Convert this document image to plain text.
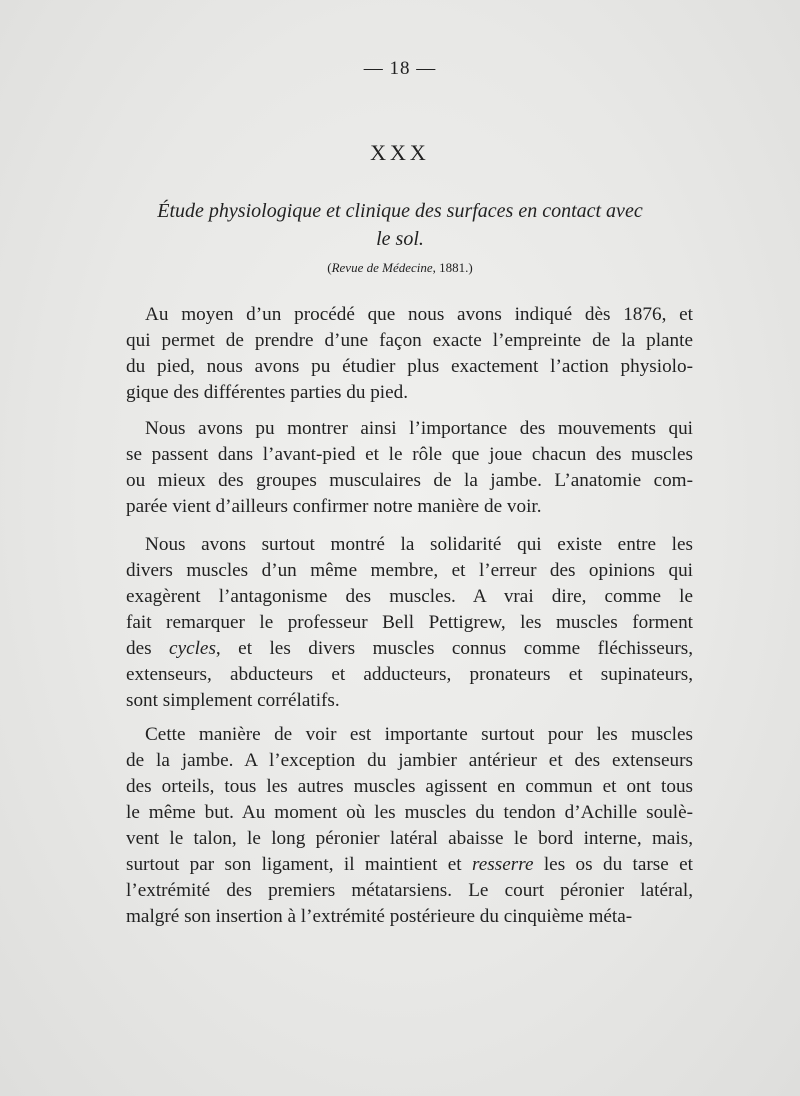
— 18 —
XXX
Étude physiologique et clinique des surfaces en contact avec
le sol.
(Revue de Médecine, 1881.)
Au moyen d’un procédé que nous avons indiqué dès 1876, et
qui permet de prendre d’une façon exacte l’empreinte de la plante
du pied, nous avons pu étudier plus exactement l’action physiolo-
gique des différentes parties du pied.
Nous avons pu montrer ainsi l’importance des mouvements qui
se passent dans l’avant-pied et le rôle que joue chacun des muscles
ou mieux des groupes musculaires de la jambe. L’anatomie com-
parée vient d’ailleurs confirmer notre manière de voir.
Nous avons surtout montré la solidarité qui existe entre les
divers muscles d’un même membre, et l’erreur des opinions qui
exagèrent l’antagonisme des muscles. A vrai dire, comme le
fait remarquer le professeur Bell Pettigrew, les muscles forment
des cycles, et les divers muscles connus comme fléchisseurs,
extenseurs, abducteurs et adducteurs, pronateurs et supinateurs,
sont simplement corrélatifs.
Cette manière de voir est importante surtout pour les muscles
de la jambe. A l’exception du jambier antérieur et des extenseurs
des orteils, tous les autres muscles agissent en commun et ont tous
le même but. Au moment où les muscles du tendon d’Achille soulè-
vent le talon, le long péronier latéral abaisse le bord interne, mais,
surtout par son ligament, il maintient et resserre les os du tarse et
l’extrémité des premiers métatarsiens. Le court péronier latéral,
malgré son insertion à l’extrémité postérieure du cinquième méta-
